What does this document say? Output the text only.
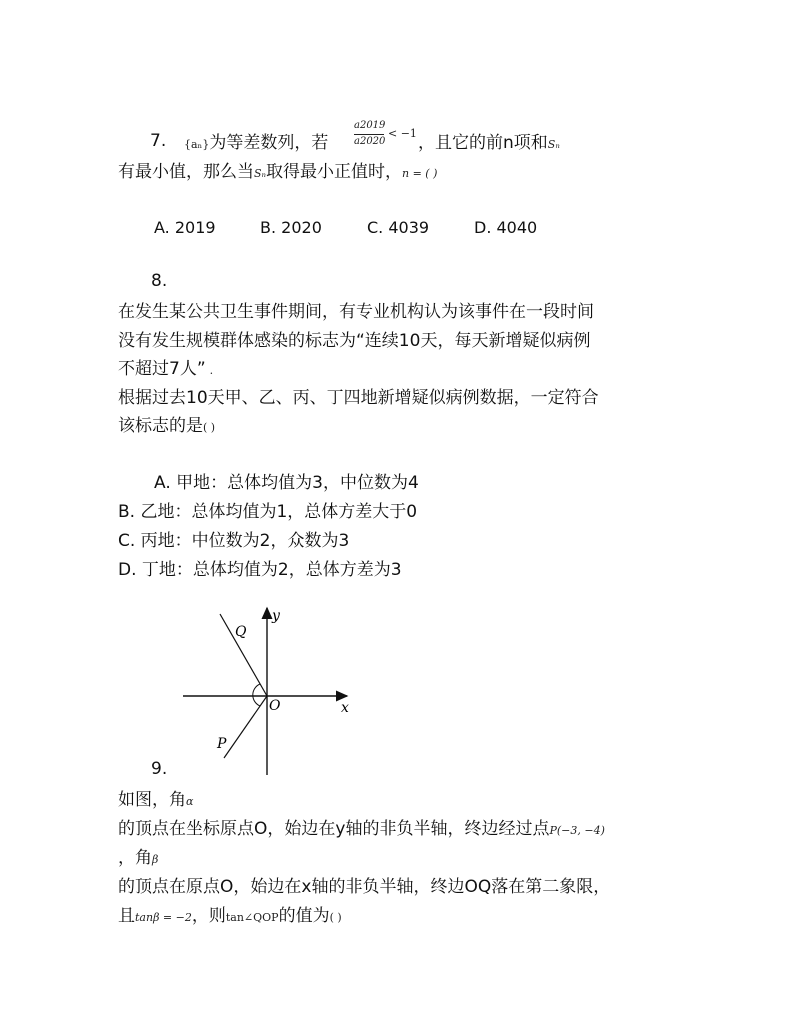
7. {aₙ}为等差数列，若
a2019
a2020
< −1 ，且它的前n项和Sₙ
有最小值，那么当Sₙ取得最小正值时，n = ( )
A. 2019	B. 2020	C. 4039	D. 4040
8.
在发生某公共卫生事件期间，有专业机构认为该事件在一段时间
没有发生规模群体感染的标志为“连续10天，每天新增疑似病例
不超过7人” .
根据过去10天甲、乙、丙、丁四地新增疑似病例数据，一定符合
该标志的是( )
A. 甲地：总体均值为3，中位数为4
B. 乙地：总体均值为1，总体方差大于0
C. 丙地：中位数为2，众数为3
D. 丁地：总体均值为2，总体方差为3
y
x
O
Q
P
9.
如图，角α
的顶点在坐标原点O，始边在y轴的非负半轴，终边经过点P(−3, −4)
，角β
的顶点在原点O，始边在x轴的非负半轴，终边OQ落在第二象限，
且tanβ = −2，则tan∠QOP的值为( )
